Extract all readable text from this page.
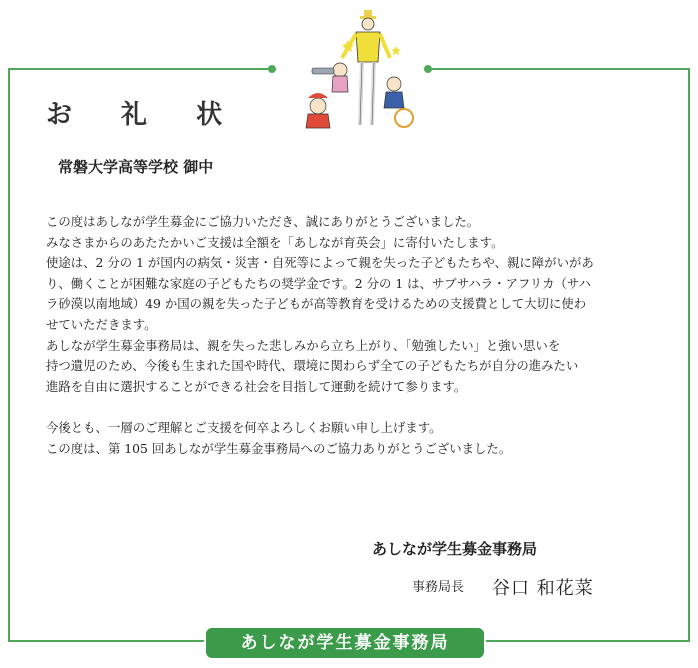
お 礼 状
常磐大学高等学校 御中
この度はあしなが学生募金にご協力いただき、誠にありがとうございました。
みなさまからのあたたかいご支援は全額を「あしなが育英会」に寄付いたします。
使途は、2 分の 1 が国内の病気・災害・自死等によって親を失った子どもたちや、親に障がいがあ
り、働くことが困難な家庭の子どもたちの奨学金です。2 分の 1 は、サブサハラ・アフリカ（サハ
ラ砂漠以南地域）49 か国の親を失った子どもが高等教育を受けるための支援費として大切に使わ
せていただきます。
あしなが学生募金事務局は、親を失った悲しみから立ち上がり、「勉強したい」と強い思いを
持つ遺児のため、今後も生まれた国や時代、環境に関わらず全ての子どもたちが自分の進みたい
進路を自由に選択することができる社会を目指して運動を続けて参ります。
今後とも、一層のご理解とご支援を何卒よろしくお願い申し上げます。
この度は、第 105 回あしなが学生募金事務局へのご協力ありがとうございました。
あしなが学生募金事務局
事務局長 谷口 和花菜
あしなが学生募金事務局
